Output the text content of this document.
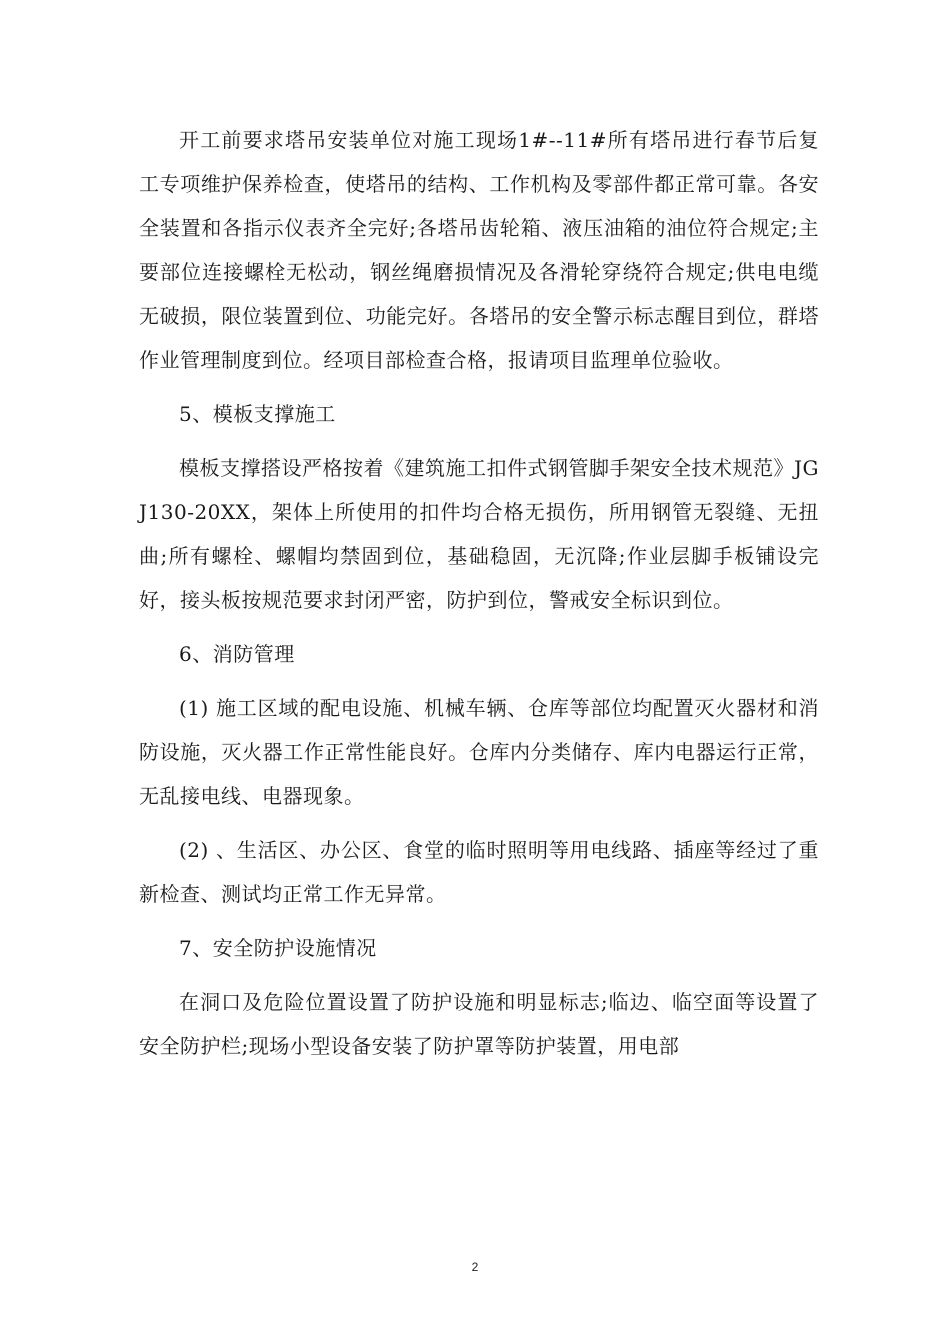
开工前要求塔吊安装单位对施工现场1#--11#所有塔吊进行春节后复工专项维护保养检查，使塔吊的结构、工作机构及零部件都正常可靠。各安全装置和各指示仪表齐全完好;各塔吊齿轮箱、液压油箱的油位符合规定;主要部位连接螺栓无松动，钢丝绳磨损情况及各滑轮穿绕符合规定;供电电缆无破损，限位装置到位、功能完好。各塔吊的安全警示标志醒目到位，群塔作业管理制度到位。经项目部检查合格，报请项目监理单位验收。

5、模板支撑施工

模板支撑搭设严格按着《建筑施工扣件式钢管脚手架安全技术规范》JGJ130-20XX，架体上所使用的扣件均合格无损伤，所用钢管无裂缝、无扭曲;所有螺栓、螺帽均禁固到位，基础稳固，无沉降;作业层脚手板铺设完好，接头板按规范要求封闭严密，防护到位，警戒安全标识到位。

6、消防管理

(1) 施工区域的配电设施、机械车辆、仓库等部位均配置灭火器材和消防设施，灭火器工作正常性能良好。仓库内分类储存、库内电器运行正常，无乱接电线、电器现象。

(2) 、生活区、办公区、食堂的临时照明等用电线路、插座等经过了重新检查、测试均正常工作无异常。

7、安全防护设施情况

在洞口及危险位置设置了防护设施和明显标志;临边、临空面等设置了安全防护栏;现场小型设备安装了防护罩等防护装置，用电部

2
